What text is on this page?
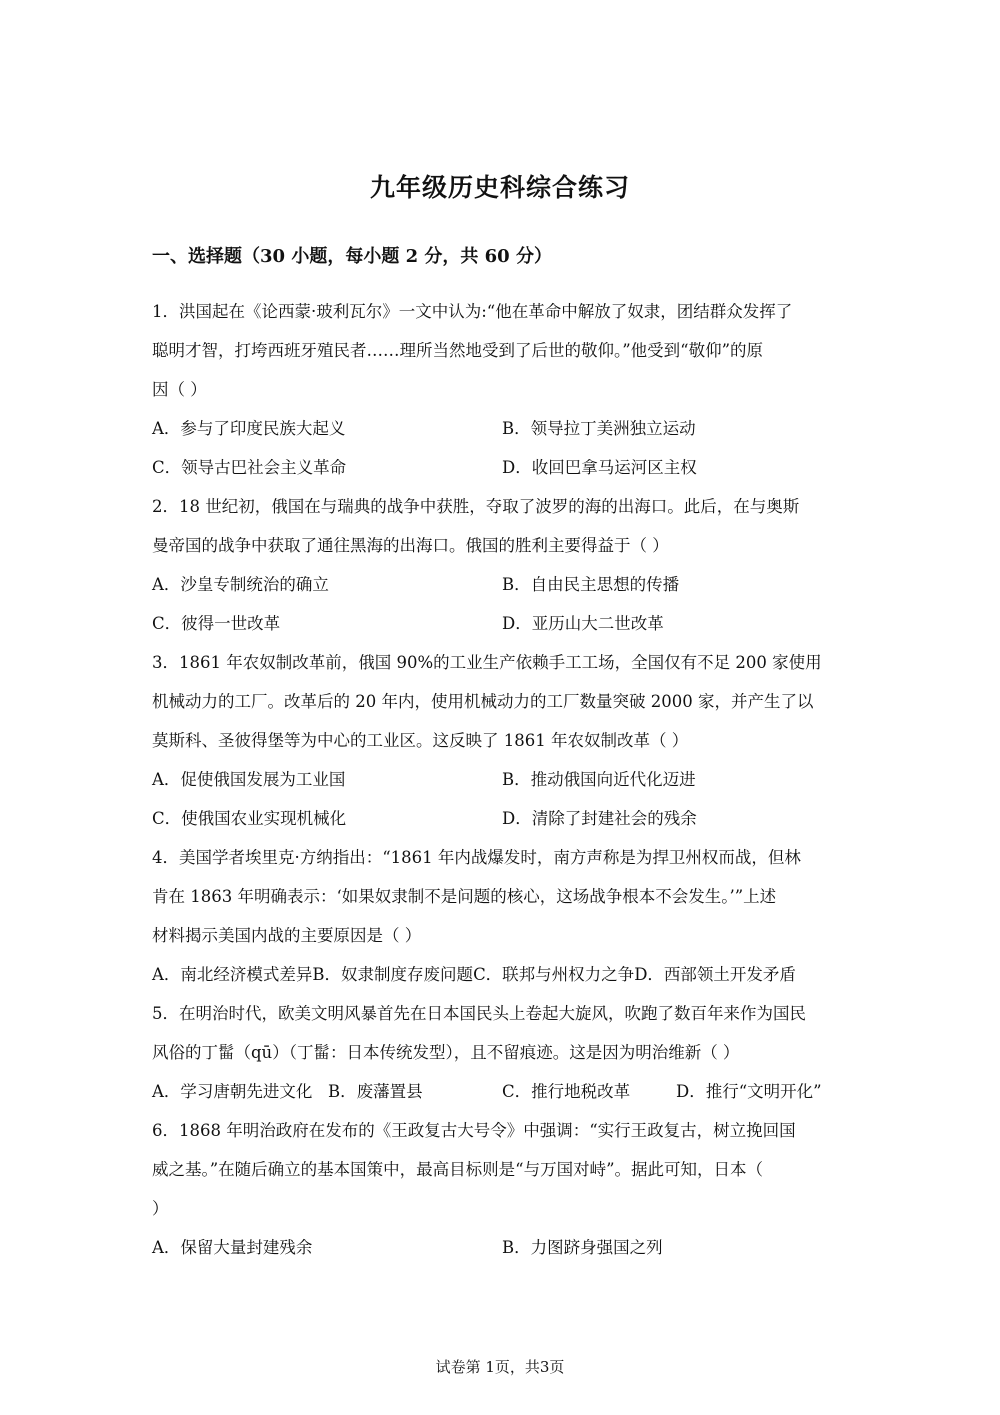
九年级历史科综合练习
一、选择题（30 小题，每小题 2 分，共 60 分）
1．洪国起在《论西蒙·玻利瓦尔》一文中认为:“他在革命中解放了奴隶，团结群众发挥了
聪明才智，打垮西班牙殖民者……理所当然地受到了后世的敬仰。”他受到“敬仰”的原
因（ ）
A．参与了印度民族大起义	B．领导拉丁美洲独立运动
C．领导古巴社会主义革命	D．收回巴拿马运河区主权
2．18 世纪初，俄国在与瑞典的战争中获胜，夺取了波罗的海的出海口。此后，在与奥斯
曼帝国的战争中获取了通往黑海的出海口。俄国的胜利主要得益于（ ）
A．沙皇专制统治的确立	B．自由民主思想的传播
C．彼得一世改革	D．亚历山大二世改革
3．1861 年农奴制改革前，俄国 90%的工业生产依赖手工工场，全国仅有不足 200 家使用
机械动力的工厂。改革后的 20 年内，使用机械动力的工厂数量突破 2000 家，并产生了以
莫斯科、圣彼得堡等为中心的工业区。这反映了 1861 年农奴制改革（ ）
A．促使俄国发展为工业国	B．推动俄国向近代化迈进
C．使俄国农业实现机械化	D．清除了封建社会的残余
4．美国学者埃里克·方纳指出：“1861 年内战爆发时，南方声称是为捍卫州权而战，但林
肯在 1863 年明确表示：‘如果奴隶制不是问题的核心，这场战争根本不会发生。’”上述
材料揭示美国内战的主要原因是（ ）
A．南北经济模式差异 B．奴隶制度存废问题 C．联邦与州权力之争 D．西部领土开发矛盾
5．在明治时代，欧美文明风暴首先在日本国民头上卷起大旋风，吹跑了数百年来作为国民
风俗的丁髷（qū）（丁髷：日本传统发型），且不留痕迹。这是因为明治维新（ ）
A．学习唐朝先进文化 B．废藩置县	C．推行地税改革	D．推行“文明开化”
6．1868 年明治政府在发布的《王政复古大号令》中强调：“实行王政复古，树立挽回国
威之基。”在随后确立的基本国策中，最高目标则是“与万国对峙”。据此可知，日本（
）
A．保留大量封建残余	B．力图跻身强国之列
试卷第 1页，共3页
